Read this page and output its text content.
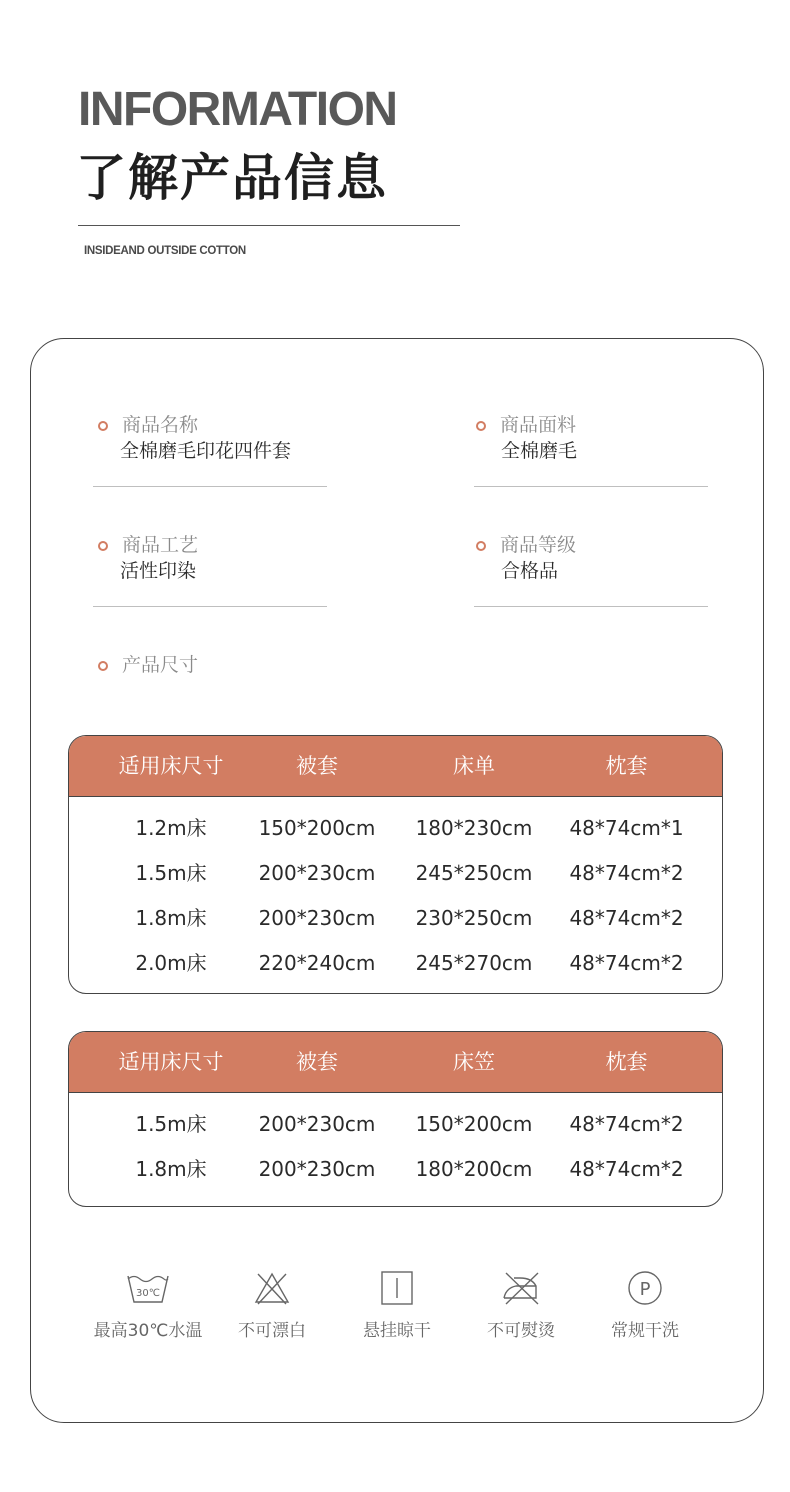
INFORMATION
了解产品信息
INSIDEAND OUTSIDE COTTON
商品名称
全棉磨毛印花四件套
商品面料
全棉磨毛
商品工艺
活性印染
商品等级
合格品
产品尺寸
适用床尺寸	被套	床单	枕套
1.2m床	150*200cm	180*230cm	48*74cm*1
1.5m床	200*230cm	245*250cm	48*74cm*2
1.8m床	200*230cm	230*250cm	48*74cm*2
2.0m床	220*240cm	245*270cm	48*74cm*2
适用床尺寸	被套	床笠	枕套
1.5m床	200*230cm	150*200cm	48*74cm*2
1.8m床	200*230cm	180*200cm	48*74cm*2
30℃
最高30℃水温	不可漂白	悬挂晾干	不可熨烫
P
常规干洗
